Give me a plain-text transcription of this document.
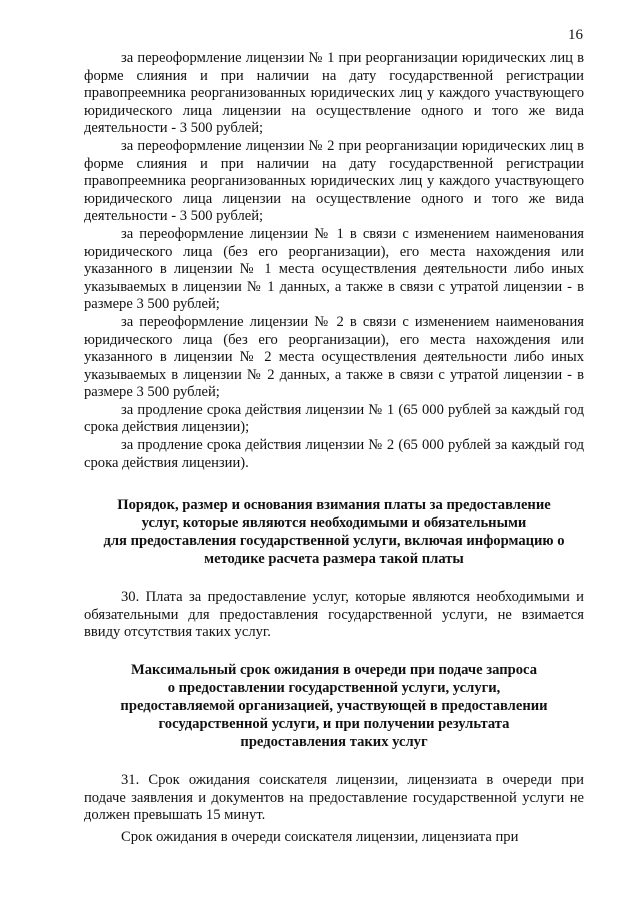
16

за переоформление лицензии № 1 при реорганизации юридических лиц в форме слияния и при наличии на дату государственной регистрации правопреемника реорганизованных юридических лиц у каждого участвующего юридического лица лицензии на осуществление одного и того же вида деятельности - 3 500 рублей;

за переоформление лицензии № 2 при реорганизации юридических лиц в форме слияния и при наличии на дату государственной регистрации правопреемника реорганизованных юридических лиц у каждого участвующего юридического лица лицензии на осуществление одного и того же вида деятельности - 3 500 рублей;

за переоформление лицензии № 1 в связи с изменением наименования юридического лица (без его реорганизации), его места нахождения или указанного в лицензии № 1 места осуществления деятельности либо иных указываемых в лицензии № 1 данных, а также в связи с утратой лицензии - в размере 3 500 рублей;

за переоформление лицензии № 2 в связи с изменением наименования юридического лица (без его реорганизации), его места нахождения или указанного в лицензии № 2 места осуществления деятельности либо иных указываемых в лицензии № 2 данных, а также в связи с утратой лицензии - в размере 3 500 рублей;

за продление срока действия лицензии № 1 (65 000 рублей за каждый год срока действия лицензии);

за продление срока действия лицензии № 2 (65 000 рублей за каждый год срока действия лицензии).

Порядок, размер и основания взимания платы за предоставление
услуг, которые являются необходимыми и обязательными
для предоставления государственной услуги, включая информацию о
методике расчета размера такой платы

30. Плата за предоставление услуг, которые являются необходимыми и обязательными для предоставления государственной услуги, не взимается ввиду отсутствия таких услуг.

Максимальный срок ожидания в очереди при подаче запроса
о предоставлении государственной услуги, услуги,
предоставляемой организацией, участвующей в предоставлении
государственной услуги, и при получении результата
предоставления таких услуг

31. Срок ожидания соискателя лицензии, лицензиата в очереди при подаче заявления и документов на предоставление государственной услуги не должен превышать 15 минут.

Срок ожидания в очереди соискателя лицензии, лицензиата при
